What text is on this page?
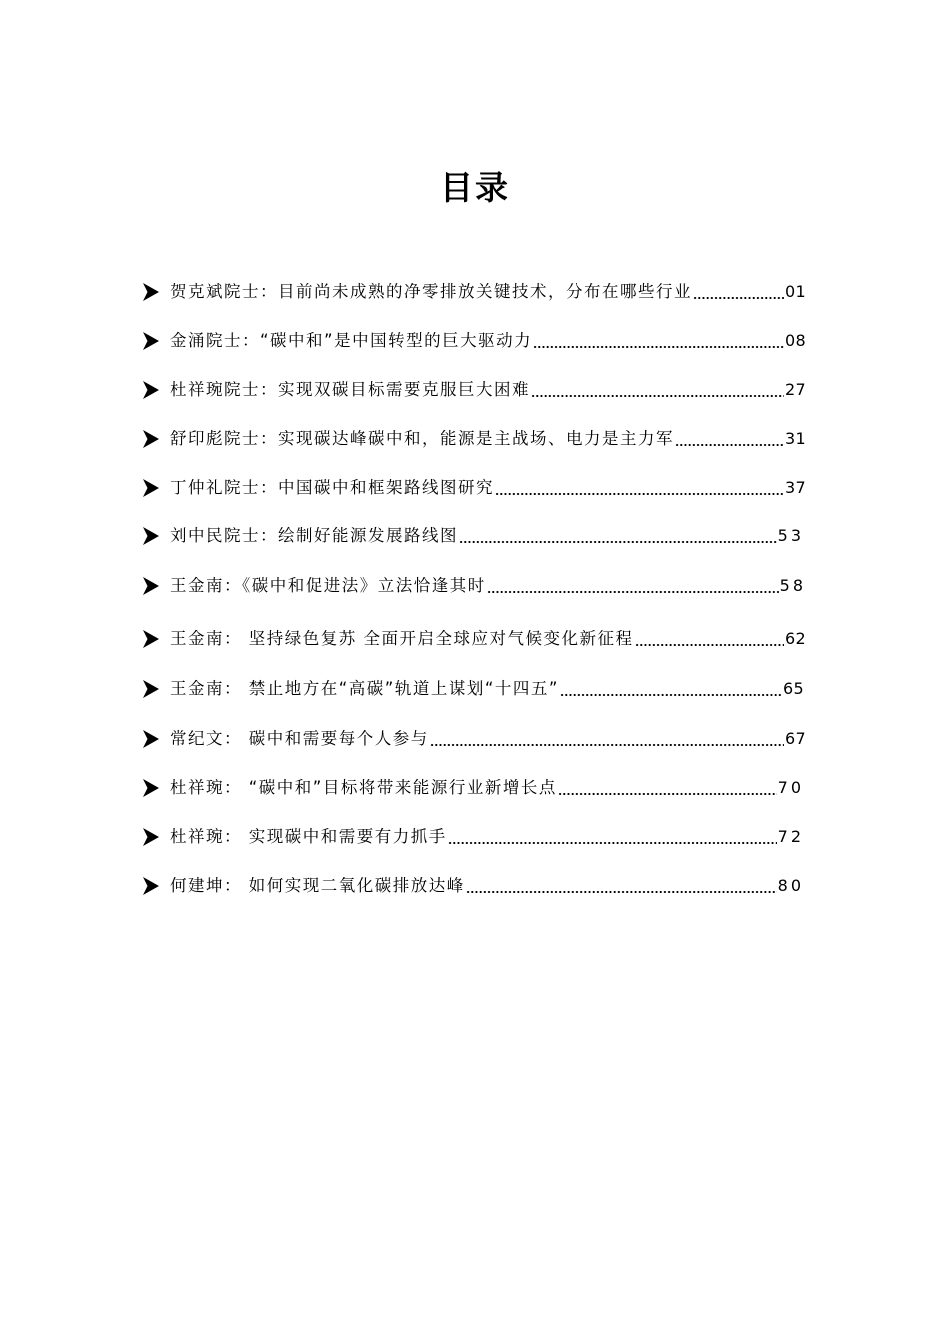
目录
贺克斌院士：目前尚未成熟的净零排放关键技术，分布在哪些行业	01
金涌院士：“碳中和”是中国转型的巨大驱动力	08
杜祥琬院士：实现双碳目标需要克服巨大困难	27
舒印彪院士：实现碳达峰碳中和，能源是主战场、电力是主力军	31
丁仲礼院士：中国碳中和框架路线图研究	37
刘中民院士：绘制好能源发展路线图	53
王金南：《碳中和促进法》立法恰逢其时	58
王金南： 坚持绿色复苏 全面开启全球应对气候变化新征程	62
王金南： 禁止地方在“高碳”轨道上谋划“十四五”	65
常纪文： 碳中和需要每个人参与	67
杜祥琬： “碳中和”目标将带来能源行业新增长点	70
杜祥琬： 实现碳中和需要有力抓手	72
何建坤： 如何实现二氧化碳排放达峰	80
